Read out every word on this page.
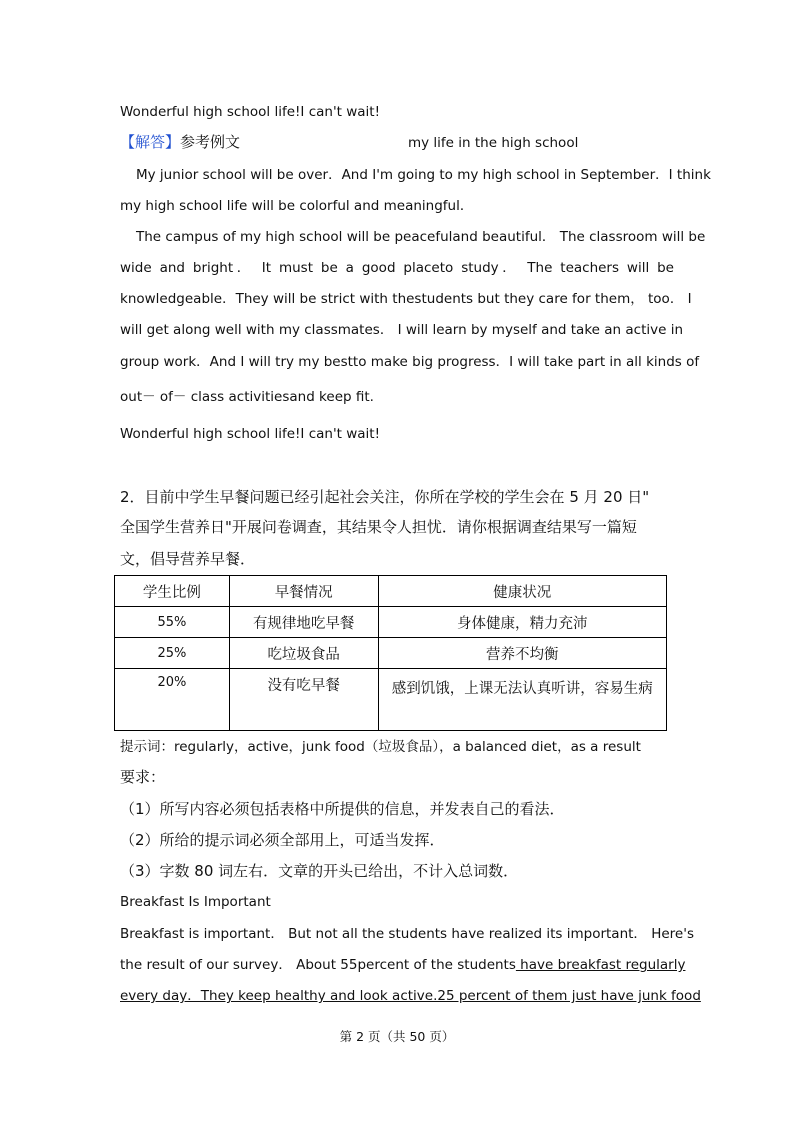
Wonderful high school life!I can't wait!
【解答】参考例文	my life in the high school
My junior school will be over．And I'm going to my high school in September．I think
my high school life will be colorful and meaningful．
The campus of my high school will be peacefuland beautiful． The classroom will be
wide and bright． It must be a good placeto study． The teachers will be
knowledgeable．They will be strict with thestudents but they care for them， too． I
will get along well with my classmates． I will learn by myself and take an active in
group work．And I will try my bestto make big progress．I will take part in all kinds of
out－ of－ class activitiesand keep fit.
Wonderful high school life!I can't wait!
2．目前中学生早餐问题已经引起社会关注，你所在学校的学生会在 5 月 20 日"
全国学生营养日"开展问卷调查，其结果令人担忧．请你根据调查结果写一篇短
文，倡导营养早餐．
学生比例	早餐情况	健康状况
55%	有规律地吃早餐	身体健康，精力充沛
25%	吃垃圾食品	营养不均衡
20%	没有吃早餐	感到饥饿，上课无法认真听讲，容易生病
提示词：regularly，active，junk food（垃圾食品），a balanced diet，as a result
要求：
（1）所写内容必须包括表格中所提供的信息，并发表自己的看法．
（2）所给的提示词必须全部用上，可适当发挥．
（3）字数 80 词左右．文章的开头已给出，不计入总词数．
Breakfast Is Important
Breakfast is important． But not all the students have realized its important． Here's
the result of our survey． About 55percent of the students have breakfast regularly
every day．They keep healthy and look active.25 percent of them just have junk food
第 2 页（共 50 页）
